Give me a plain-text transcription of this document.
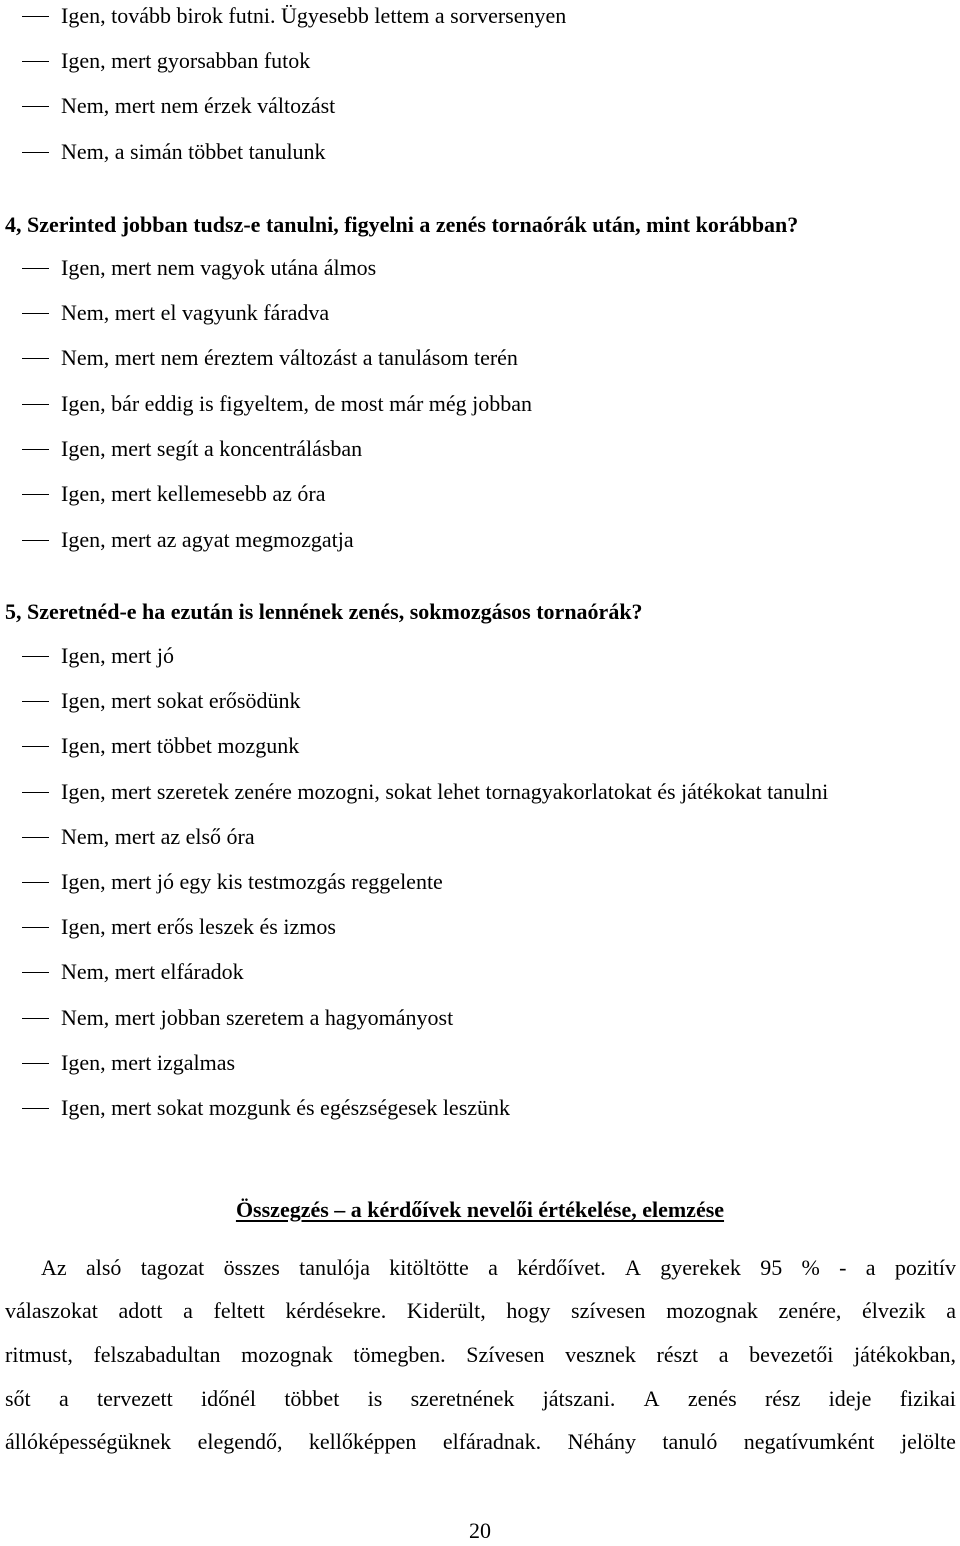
Igen, tovább birok futni. Ügyesebb lettem a sorversenyen
Igen, mert gyorsabban futok
Nem, mert nem érzek változást
Nem, a simán többet tanulunk
4, Szerinted jobban tudsz-e tanulni, figyelni a zenés tornaórák után, mint korábban?
Igen, mert nem vagyok utána álmos
Nem, mert el vagyunk fáradva
Nem, mert nem éreztem változást a tanulásom terén
Igen, bár eddig is figyeltem, de most már még jobban
Igen, mert segít a koncentrálásban
Igen, mert kellemesebb az óra
Igen, mert az agyat megmozgatja
5, Szeretnéd-e ha ezután is lennének zenés, sokmozgásos tornaórák?
Igen, mert jó
Igen, mert sokat erősödünk
Igen, mert többet mozgunk
Igen, mert szeretek zenére mozogni, sokat lehet tornagyakorlatokat és játékokat tanulni
Nem, mert az első óra
Igen, mert jó egy kis testmozgás reggelente
Igen, mert erős leszek és izmos
Nem, mert elfáradok
Nem, mert jobban szeretem a hagyományost
Igen, mert izgalmas
Igen, mert sokat mozgunk és egészségesek leszünk
Összegzés – a kérdőívek nevelői értékelése, elemzése
Az alsó tagozat összes tanulója kitöltötte a kérdőívet. A gyerekek 95 % - a pozitív
válaszokat adott a feltett kérdésekre. Kiderült, hogy szívesen mozognak zenére, élvezik a
ritmust, felszabadultan mozognak tömegben. Szívesen vesznek részt a bevezetői játékokban,
sőt a tervezett időnél többet is szeretnének játszani. A zenés rész ideje fizikai
állóképességüknek elegendő, kellőképpen elfáradnak. Néhány tanuló negatívumként jelölte
20
